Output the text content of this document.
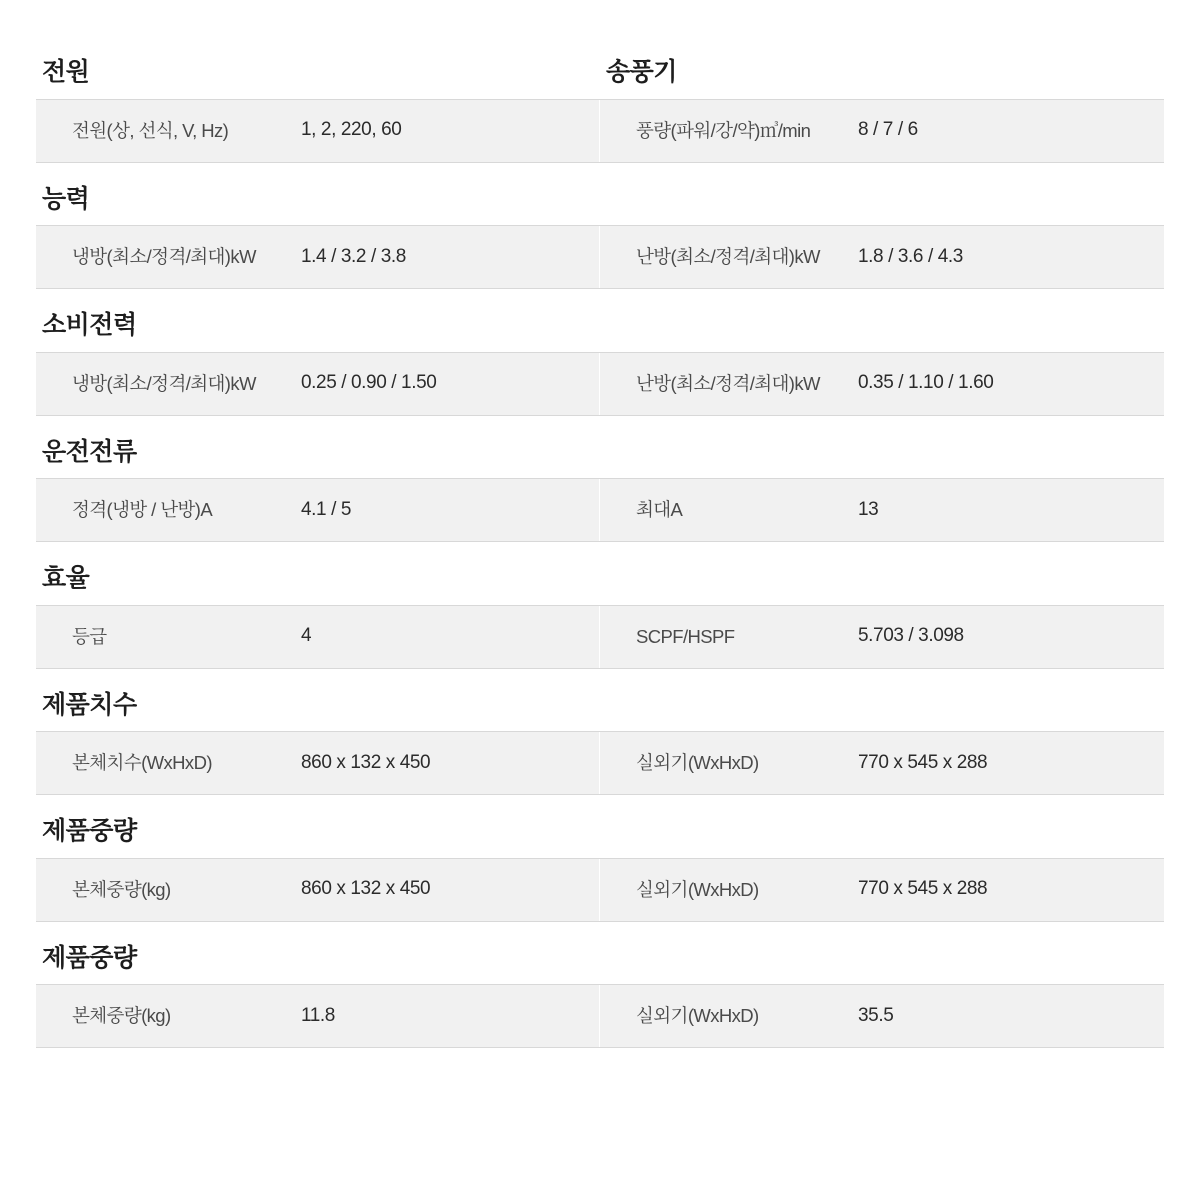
전원	송풍기
전원(상, 선식, V, Hz)	1, 2, 220, 60	풍량(파워/강/약)㎥/min	8 / 7 / 6
능력
냉방(최소/정격/최대)kW	1.4 / 3.2 / 3.8	난방(최소/정격/최대)kW	1.8 / 3.6 / 4.3
소비전력
냉방(최소/정격/최대)kW	0.25 / 0.90 / 1.50	난방(최소/정격/최대)kW	0.35 / 1.10 / 1.60
운전전류
정격(냉방 / 난방)A	4.1 / 5	최대A	13
효율
등급	4	SCPF/HSPF	5.703 / 3.098
제품치수
본체치수(WxHxD)	860 x 132 x 450	실외기(WxHxD)	770 x 545 x 288
제품중량
본체중량(kg)	860 x 132 x 450	실외기(WxHxD)	770 x 545 x 288
제품중량
본체중량(kg)	11.8	실외기(WxHxD)	35.5
